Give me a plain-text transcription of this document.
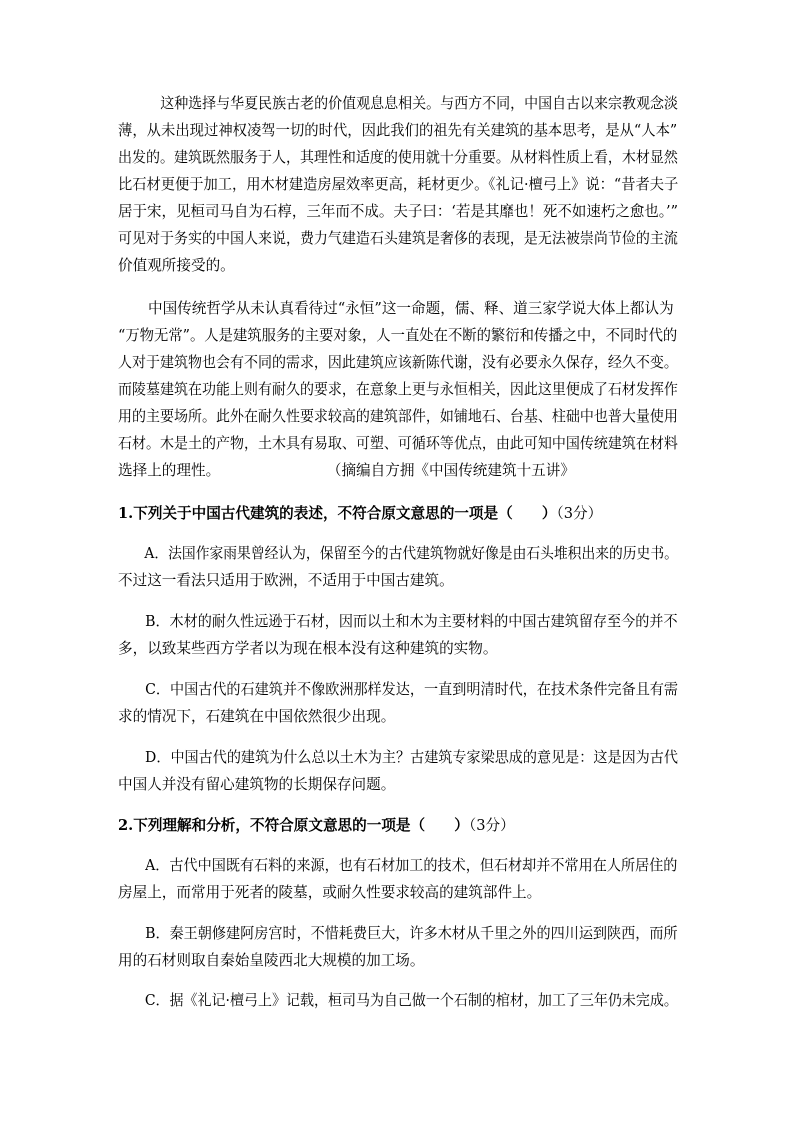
这种选择与华夏民族古老的价值观息息相关。与西方不同，中国自古以来宗教观念淡
薄，从未出现过神权凌驾一切的时代，因此我们的祖先有关建筑的基本思考，是从“人本”
出发的。建筑既然服务于人，其理性和适度的使用就十分重要。从材料性质上看，木材显然
比石材更便于加工，用木材建造房屋效率更高，耗材更少。《礼记·檀弓上》说：“昔者夫子
居于宋，见桓司马自为石椁，三年而不成。夫子曰：‘若是其靡也！死不如速朽之愈也。’”
可见对于务实的中国人来说，费力气建造石头建筑是奢侈的表现，是无法被崇尚节俭的主流
价值观所接受的。
中国传统哲学从未认真看待过“永恒”这一命题，儒、释、道三家学说大体上都认为
“万物无常”。人是建筑服务的主要对象，人一直处在不断的繁衍和传播之中，不同时代的
人对于建筑物也会有不同的需求，因此建筑应该新陈代谢，没有必要永久保存，经久不变。
而陵墓建筑在功能上则有耐久的要求，在意象上更与永恒相关，因此这里便成了石材发挥作
用的主要场所。此外在耐久性要求较高的建筑部件，如铺地石、台基、柱础中也普大量使用
石材。木是土的产物，土木具有易取、可塑、可循环等优点，由此可知中国传统建筑在材料
选择上的理性。	（摘编自方拥《中国传统建筑十五讲》
1.下列关于中国古代建筑的表述，不符合原文意思的一项是（　　）（3分）
A．法国作家雨果曾经认为，保留至今的古代建筑物就好像是由石头堆积出来的历史书。
不过这一看法只适用于欧洲，不适用于中国古建筑。
B．木材的耐久性远逊于石材，因而以土和木为主要材料的中国古建筑留存至今的并不
多，以致某些西方学者以为现在根本没有这种建筑的实物。
C．中国古代的石建筑并不像欧洲那样发达，一直到明清时代，在技术条件完备且有需
求的情况下，石建筑在中国依然很少出现。
D．中国古代的建筑为什么总以土木为主？古建筑专家梁思成的意见是：这是因为古代
中国人并没有留心建筑物的长期保存问题。
2.下列理解和分析，不符合原文意思的一项是（　　）（3分）
A．古代中国既有石料的来源，也有石材加工的技术，但石材却并不常用在人所居住的
房屋上，而常用于死者的陵墓，或耐久性要求较高的建筑部件上。
B．秦王朝修建阿房宫时，不惜耗费巨大，许多木材从千里之外的四川运到陕西，而所
用的石材则取自秦始皇陵西北大规模的加工场。
C．据《礼记·檀弓上》记载，桓司马为自己做一个石制的棺材，加工了三年仍未完成。
